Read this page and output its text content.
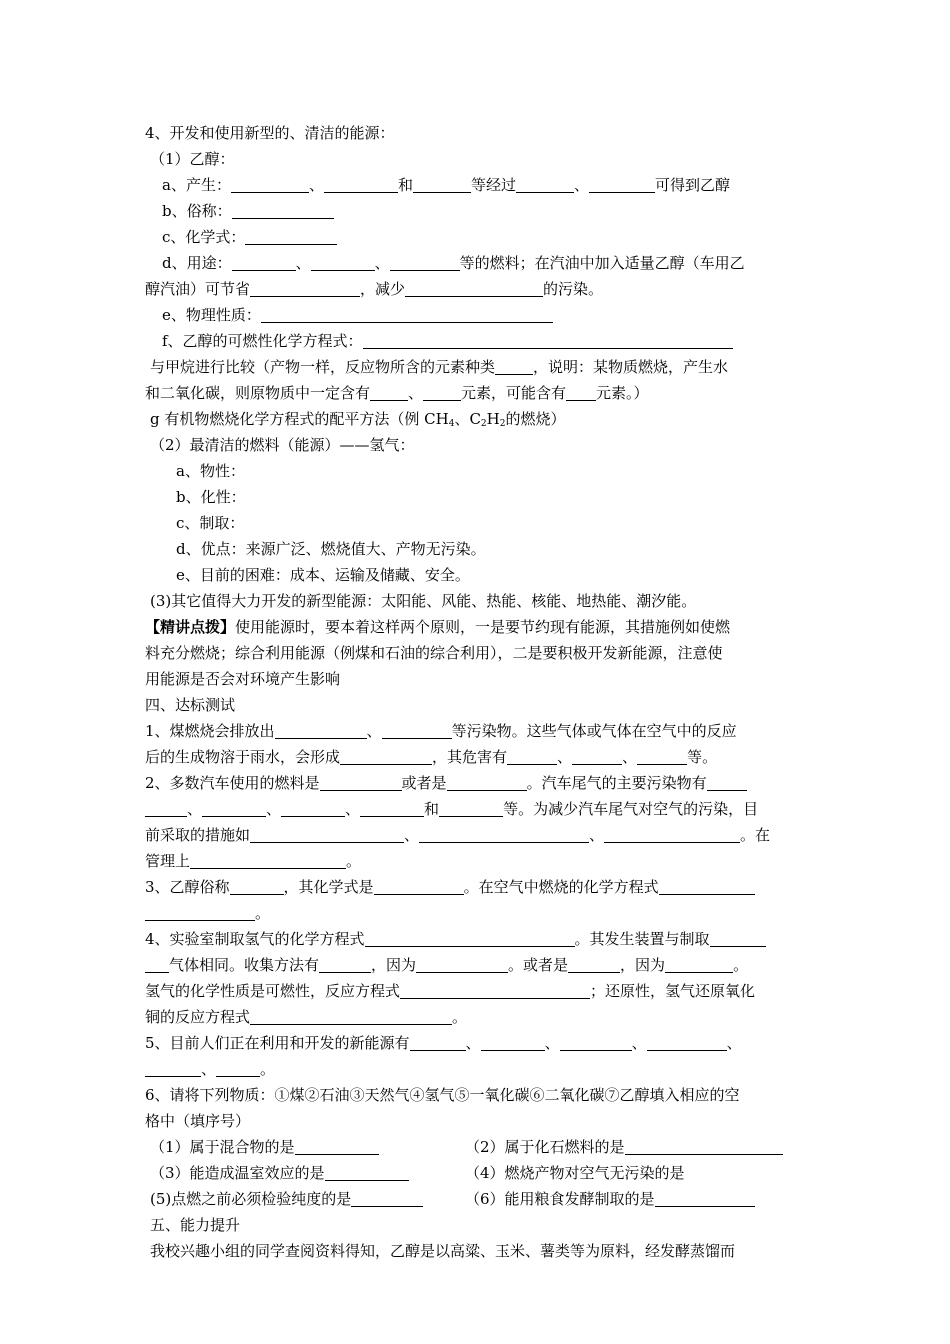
4、开发和使用新型的、清洁的能源：
（1）乙醇：
a、产生：	、	和	等经过	、	可得到乙醇
b、俗称：
c、化学式：
d、用途：	、	、	等的燃料；在汽油中加入适量乙醇（车用乙
醇汽油）可节省	，减少	的污染。
e、物理性质：
f、乙醇的可燃性化学方程式：
与甲烷进行比较（产物一样，反应物所含的元素种类	，说明：某物质燃烧，产生水
和二氧化碳，则原物质中一定含有	、	元素，可能含有 元素。）
g 有机物燃烧化学方程式的配平方法（例 $CH_4$、$C_2H_2$的燃烧）
（2）最清洁的燃料（能源）——氢气：
a、物性：
b、化性：
c、制取：
d、优点：来源广泛、燃烧值大、产物无污染。
e、目前的困难：成本、运输及储藏、安全。
(3)其它值得大力开发的新型能源：太阳能、风能、热能、核能、地热能、潮汐能。
【精讲点拨】使用能源时，要本着这样两个原则，一是要节约现有能源，其措施例如使燃
料充分燃烧；综合利用能源（例煤和石油的综合利用），二是要积极开发新能源，注意使
用能源是否会对环境产生影响
四、达标测试
1、煤燃烧会排放出	、	等污染物。这些气体或气体在空气中的反应
后的生成物溶于雨水，会形成	，其危害有	、	、	等。
2、多数汽车使用的燃料是	或者是	。汽车尾气的主要污染物有
、	、	、	和	等。为减少汽车尾气对空气的污染，目
前采取的措施如	、	、	。在
管理上	。
3、乙醇俗称	，其化学式是	。在空气中燃烧的化学方程式
。
4、实验室制取氢气的化学方程式	。其发生装置与制取
气体相同。收集方法有	，因为	。或者是	，因为	。
氢气的化学性质是可燃性，反应方程式	；还原性，氢气还原氧化
铜的反应方程式	。
5、目前人们正在利用和开发的新能源有	、	、	、	、
、	。
6、请将下列物质：①煤②石油③天然气④氢气⑤一氧化碳⑥二氧化碳⑦乙醇填入相应的空
格中（填序号）
（1）属于混合物的是	（2）属于化石燃料的是
（3）能造成温室效应的是	（4）燃烧产物对空气无污染的是
(5)点燃之前必须检验纯度的是	（6）能用粮食发酵制取的是
五、能力提升
我校兴趣小组的同学查阅资料得知，乙醇是以高粱、玉米、薯类等为原料，经发酵蒸馏而
